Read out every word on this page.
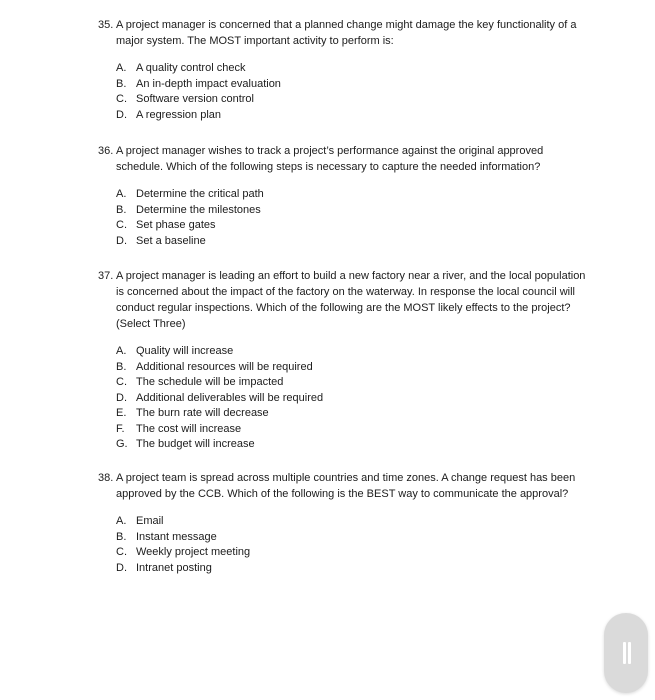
35. A project manager is concerned that a planned change might damage the key functionality of a major system. The MOST important activity to perform is:
A. A quality control check
B. An in-depth impact evaluation
C. Software version control
D. A regression plan
36. A project manager wishes to track a project’s performance against the original approved schedule. Which of the following steps is necessary to capture the needed information?
A. Determine the critical path
B. Determine the milestones
C. Set phase gates
D. Set a baseline
37. A project manager is leading an effort to build a new factory near a river, and the local population is concerned about the impact of the factory on the waterway. In response the local council will conduct regular inspections. Which of the following are the MOST likely effects to the project? (Select Three)
A. Quality will increase
B. Additional resources will be required
C. The schedule will be impacted
D. Additional deliverables will be required
E. The burn rate will decrease
F. The cost will increase
G. The budget will increase
38. A project team is spread across multiple countries and time zones. A change request has been approved by the CCB. Which of the following is the BEST way to communicate the approval?
A. Email
B. Instant message
C. Weekly project meeting
D. Intranet posting
